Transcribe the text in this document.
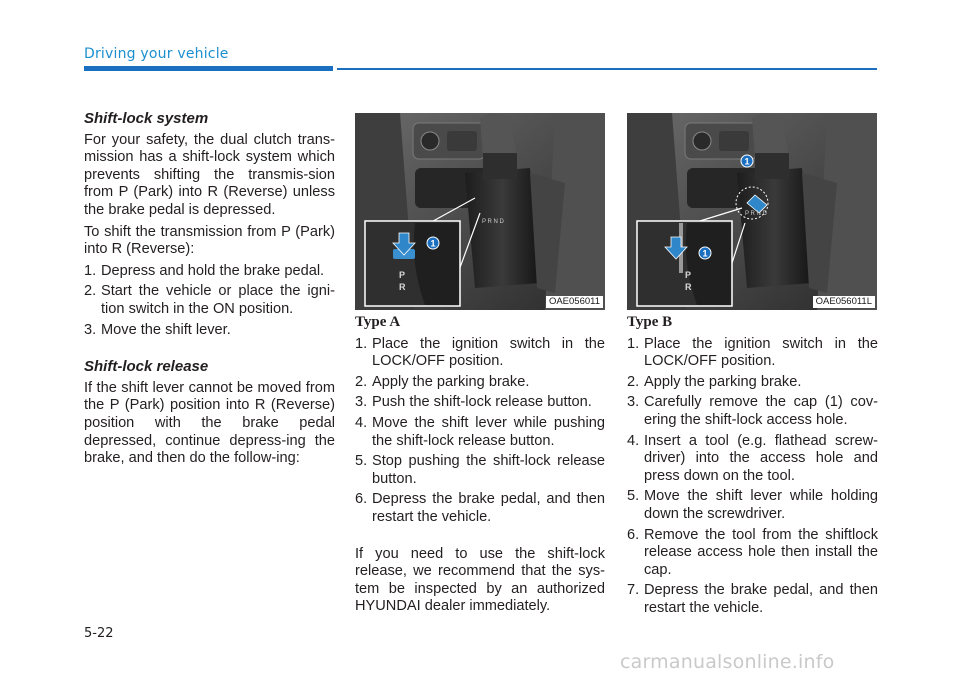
Driving your vehicle
Shift-lock system

For your safety, the dual clutch trans-mission has a shift-lock system which prevents shifting the transmis-sion from P (Park) into R (Reverse) unless the brake pedal is depressed.

To shift the transmission from P (Park) into R (Reverse):

1. Depress and hold the brake pedal.
2. Start the vehicle or place the igni-tion switch in the ON position.
3. Move the shift lever.
Shift-lock release

If the shift lever cannot be moved from the P (Park) position into R (Reverse) position with the brake pedal depressed, continue depress-ing the brake, and then do the follow-ing:

P R N D
P
R
1
OAE056011
P R N D
1
P
R
1
OAE056011L
Type A
1. Place the ignition switch in the LOCK/OFF position.
2. Apply the parking brake.
3. Push the shift-lock release button.
4. Move the shift lever while pushing the shift-lock release button.
5. Stop pushing the shift-lock release button.
6. Depress the brake pedal, and then restart the vehicle.

If you need to use the shift-lock release, we recommend that the sys-tem be inspected by an authorized HYUNDAI dealer immediately.

Type B
1. Place the ignition switch in the LOCK/OFF position.
2. Apply the parking brake.
3. Carefully remove the cap (1) cov-ering the shift-lock access hole.
4. Insert a tool (e.g. flathead screw-driver) into the access hole and press down on the tool.
5. Move the shift lever while holding down the screwdriver.
6. Remove the tool from the shiftlock release access hole then install the cap.
7. Depress the brake pedal, and then restart the vehicle.
5-22
carmanualsonline.info
